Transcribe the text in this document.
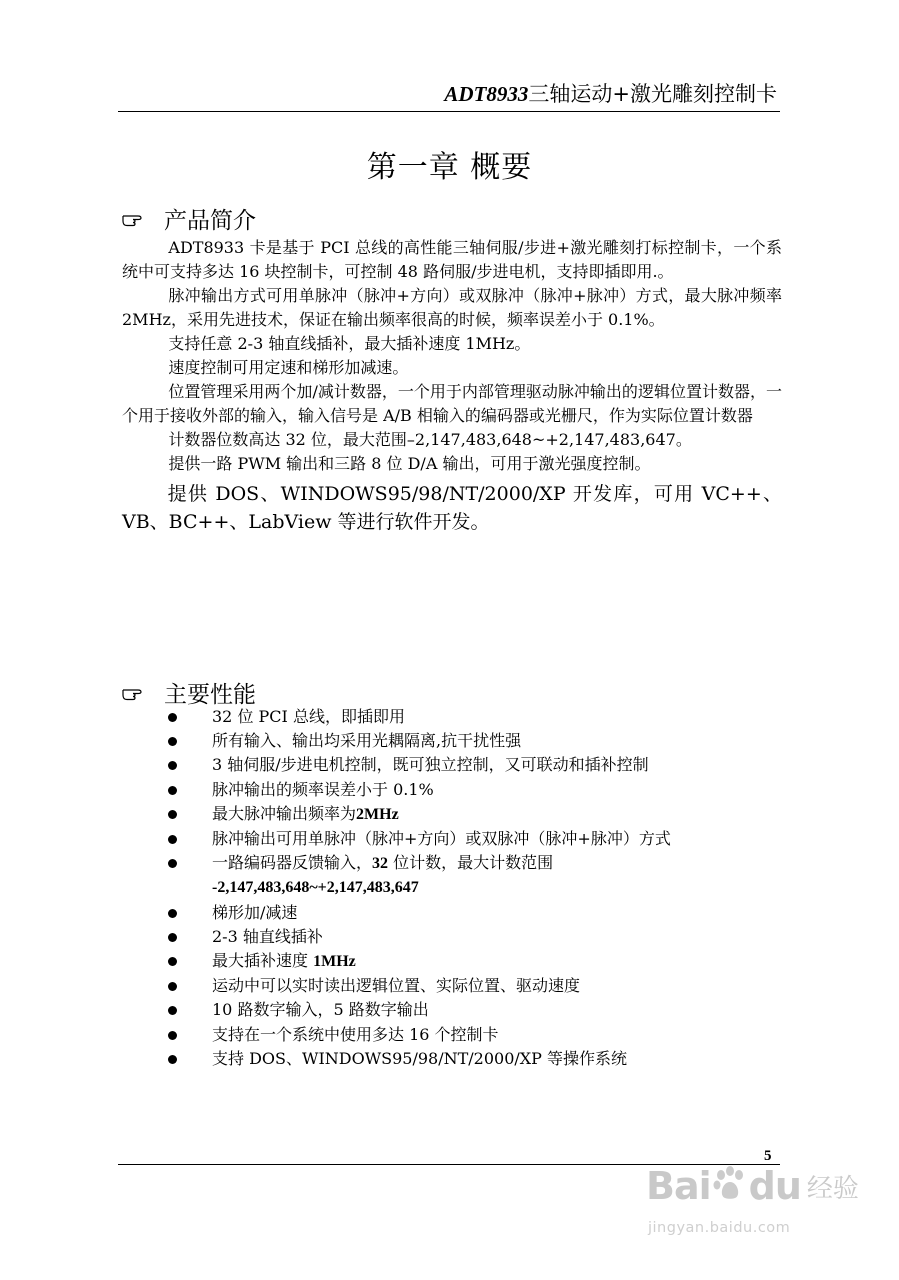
ADT8933三轴运动+激光雕刻控制卡
第一章 概要
产品简介

ADT8933 卡是基于 PCI 总线的高性能三轴伺服/步进+激光雕刻打标控制卡，一个系统中可支持多达 16 块控制卡，可控制 48 路伺服/步进电机，支持即插即用.。

脉冲输出方式可用单脉冲（脉冲+方向）或双脉冲（脉冲+脉冲）方式，最大脉冲频率 2MHz，采用先进技术，保证在输出频率很高的时候，频率误差小于 0.1%。

支持任意 2-3 轴直线插补，最大插补速度 1MHz。

速度控制可用定速和梯形加减速。

位置管理采用两个加/减计数器，一个用于内部管理驱动脉冲输出的逻辑位置计数器，一个用于接收外部的输入，输入信号是 A/B 相输入的编码器或光栅尺，作为实际位置计数器

计数器位数高达 32 位，最大范围–2,147,483,648~+2,147,483,647。

提供一路 PWM 输出和三路 8 位 D/A 输出，可用于激光强度控制。

提供 DOS、WINDOWS95/98/NT/2000/XP 开发库，可用 VC++、VB、BC++、LabView 等进行软件开发。

主要性能
32 位 PCI 总线，即插即用
所有输入、输出均采用光耦隔离,抗干扰性强
3 轴伺服/步进电机控制，既可独立控制，又可联动和插补控制
脉冲输出的频率误差小于 0.1%
最大脉冲输出频率为2MHz
脉冲输出可用单脉冲（脉冲+方向）或双脉冲（脉冲+脉冲）方式
一路编码器反馈输入，32 位计数，最大计数范围
-2,147,483,648~+2,147,483,647
梯形加/减速
2-3 轴直线插补
最大插补速度 1MHz
运动中可以实时读出逻辑位置、实际位置、驱动速度
10 路数字输入，5 路数字输出
支持在一个系统中使用多达 16 个控制卡
支持 DOS、WINDOWS95/98/NT/2000/XP 等操作系统
5
Bai du 经验
jingyan.baidu.com
